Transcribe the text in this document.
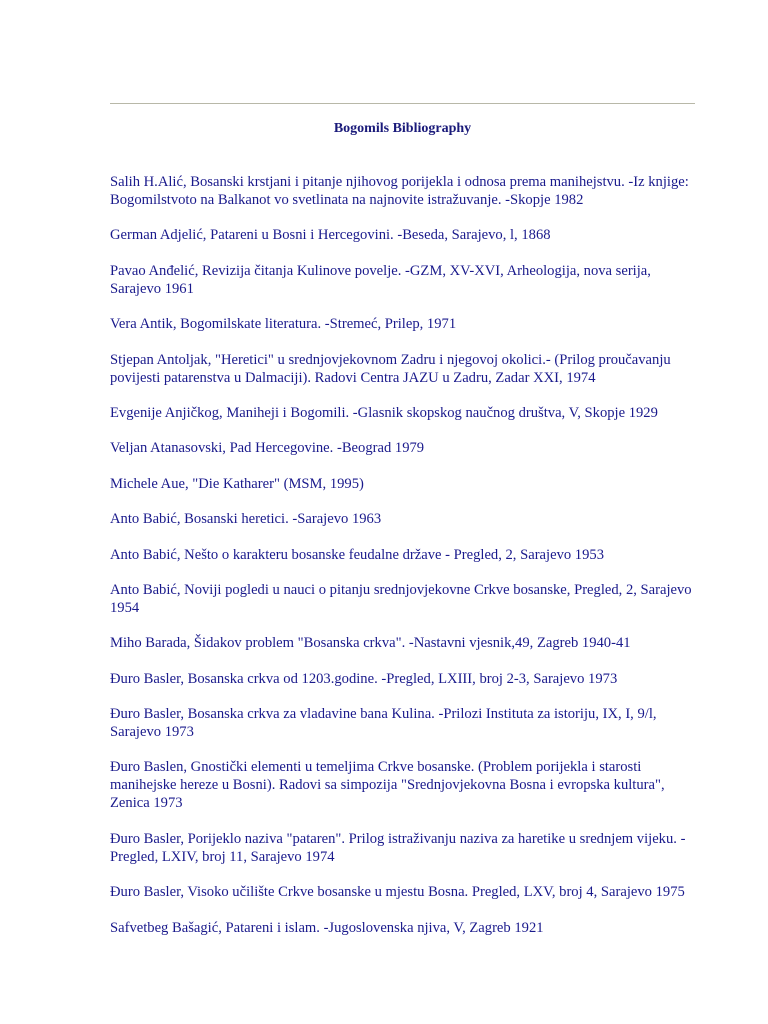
Bogomils Bibliography
Salih H.Alić, Bosanski krstjani i pitanje njihovog porijekla i odnosa prema manihejstvu. -Iz knjige: Bogomilstvoto na Balkanot vo svetlinata na najnovite istražuvanje. -Skopje 1982
German Adjelić, Patareni u Bosni i Hercegovini. -Beseda, Sarajevo, l, 1868
Pavao Anđelić, Revizija čitanja Kulinove povelje. -GZM, XV-XVI, Arheologija, nova serija, Sarajevo 1961
Vera Antik, Bogomilskate literatura. -Stremeć, Prilep, 1971
Stjepan Antoljak, "Heretici" u srednjovjekovnom Zadru i njegovoj okolici.- (Prilog proučavanju povijesti patarenstva u Dalmaciji). Radovi Centra JAZU u Zadru, Zadar XXI, 1974
Evgenije Anjičkog, Maniheji i Bogomili. -Glasnik skopskog naučnog društva, V, Skopje 1929
Veljan Atanasovski, Pad Hercegovine. -Beograd 1979
Michele Aue, "Die Katharer" (MSM, 1995)
Anto Babić, Bosanski heretici. -Sarajevo 1963
Anto Babić, Nešto o karakteru bosanske feudalne države - Pregled, 2, Sarajevo 1953
Anto Babić, Noviji pogledi u nauci o pitanju srednjovjekovne Crkve bosanske, Pregled, 2, Sarajevo 1954
Miho Barada, Šidakov problem "Bosanska crkva". -Nastavni vjesnik,49, Zagreb 1940-41
Đuro Basler, Bosanska crkva od 1203.godine. -Pregled, LXIII, broj 2-3, Sarajevo 1973
Đuro Basler, Bosanska crkva za vladavine bana Kulina. -Prilozi Instituta za istoriju, IX, I, 9/l, Sarajevo 1973
Đuro Baslen, Gnostički elementi u temeljima Crkve bosanske. (Problem porijekla i starosti manihejske hereze u Bosni). Radovi sa simpozija "Srednjovjekovna Bosna i evropska kultura", Zenica 1973
Đuro Basler, Porijeklo naziva "pataren". Prilog istraživanju naziva za haretike u srednjem vijeku. -Pregled, LXIV, broj 11, Sarajevo 1974
Đuro Basler, Visoko učilište Crkve bosanske u mjestu Bosna. Pregled, LXV, broj 4, Sarajevo 1975
Safvetbeg Bašagić, Patareni i islam. -Jugoslovenska njiva, V, Zagreb 1921
